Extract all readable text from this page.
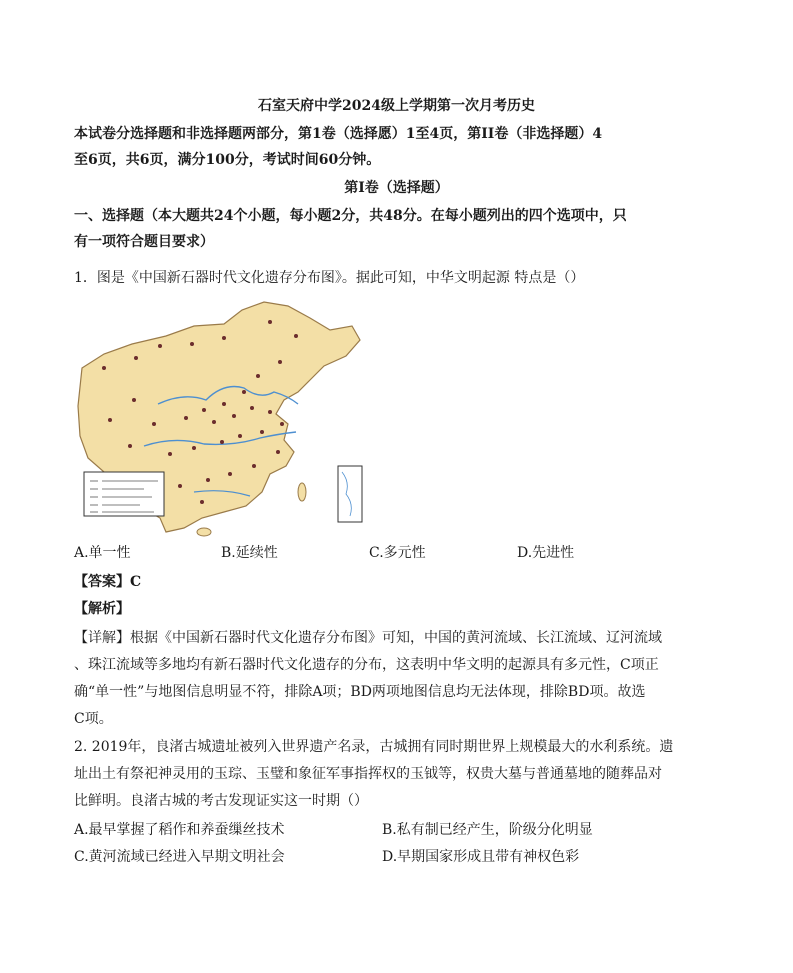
石室天府中学2024级上学期第一次月考历史
本试卷分选择题和非选择题两部分，第1卷（选择愿）1至4页，第II卷（非选择题）4
至6页，共6页，满分100分，考试时间60分钟。
第I卷（选择题）
一、选择题（本大题共24个小题，每小题2分，共48分。在每小题列出的四个选项中，只
有一项符合题目要求）
1．图是《中国新石器时代文化遗存分布图》。据此可知，中华文明起源 特点是（）
A.单一性	B.延续性	C.多元性	D.先进性
【答案】C
【解析】
【详解】根据《中国新石器时代文化遗存分布图》可知，中国的黄河流域、长江流域、辽河流域
、珠江流域等多地均有新石器时代文化遗存的分布，这表明中华文明的起源具有多元性，C项正
确“单一性”与地图信息明显不符，排除A项；BD两项地图信息均无法体现，排除BD项。故选
C项。
2. 2019年，良渚古城遗址被列入世界遗产名录，古城拥有同时期世界上规模最大的水利系统。遗
址出土有祭祀神灵用的玉琮、玉璧和象征军事指挥权的玉钺等，权贵大墓与普通墓地的随葬品对
比鲜明。良渚古城的考古发现证实这一时期（）
A.最早掌握了稻作和养蚕缫丝技术	B.私有制已经产生，阶级分化明显
C.黄河流域已经进入早期文明社会	D.早期国家形成且带有神权色彩
